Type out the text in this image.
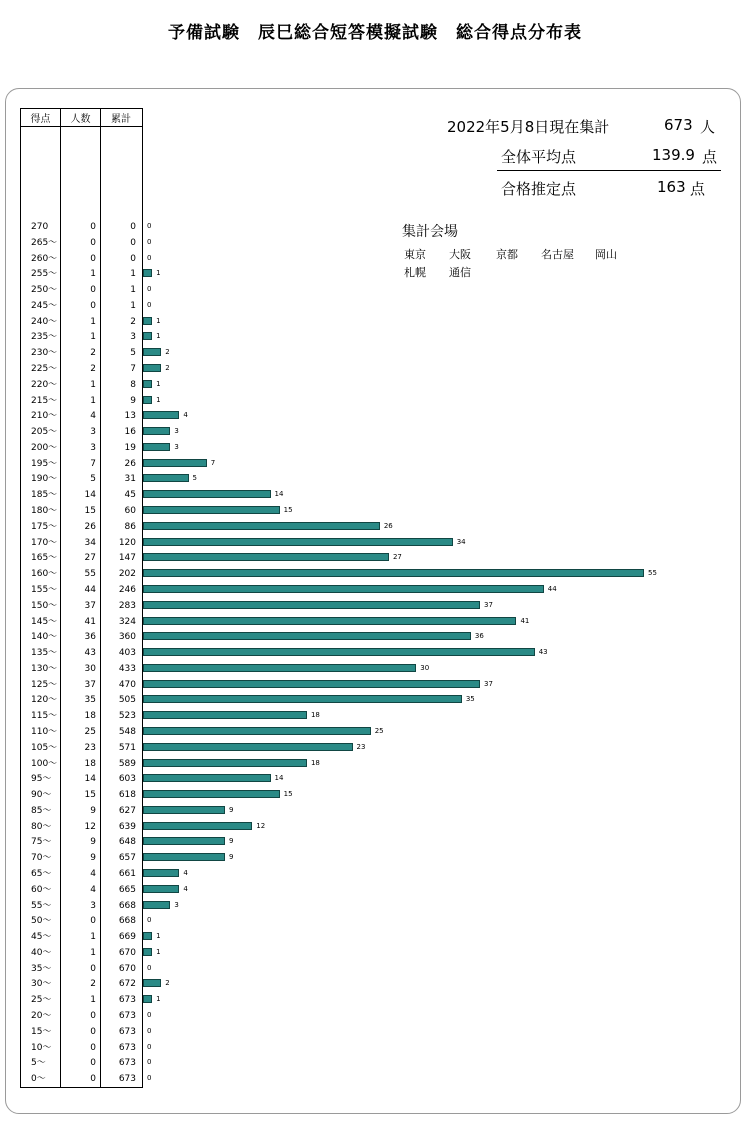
予備試験　辰巳総合短答模擬試験　総合得点分布表
2022年5月8日現在集計	673 人
全体平均点	139.9 点
合格推定点	163 点
集計会場
東京 大阪 京都 名古屋 岡山
札幌 通信
得点	人数	累計
270	0	0
265〜	0	0
260〜	0	0
255〜	1	1
250〜	0	1
245〜	0	1
240〜	1	2
235〜	1	3
230〜	2	5
225〜	2	7
220〜	1	8
215〜	1	9
210〜	4	13
205〜	3	16
200〜	3	19
195〜	7	26
190〜	5	31
185〜	14	45
180〜	15	60
175〜	26	86
170〜	34	120
165〜	27	147
160〜	55	202
155〜	44	246
150〜	37	283
145〜	41	324
140〜	36	360
135〜	43	403
130〜	30	433
125〜	37	470
120〜	35	505
115〜	18	523
110〜	25	548
105〜	23	571
100〜	18	589
95〜	14	603
90〜	15	618
85〜	9	627
80〜	12	639
75〜	9	648
70〜	9	657
65〜	4	661
60〜	4	665
55〜	3	668
50〜	0	668
45〜	1	669
40〜	1	670
35〜	0	670
30〜	2	672
25〜	1	673
20〜	0	673
15〜	0	673
10〜	0	673
5〜	0	673
0〜	0	673
0
0
0
1
0
0
1
1
2
2
1
1
4
3
3
7
5
14
15
26
34
27
55
44
37
41
36
43
30
37
35
18
25
23
18
14
15
9
12
9
9
4
4
3
0
1
1
0
2
1
0
0
0
0
0
